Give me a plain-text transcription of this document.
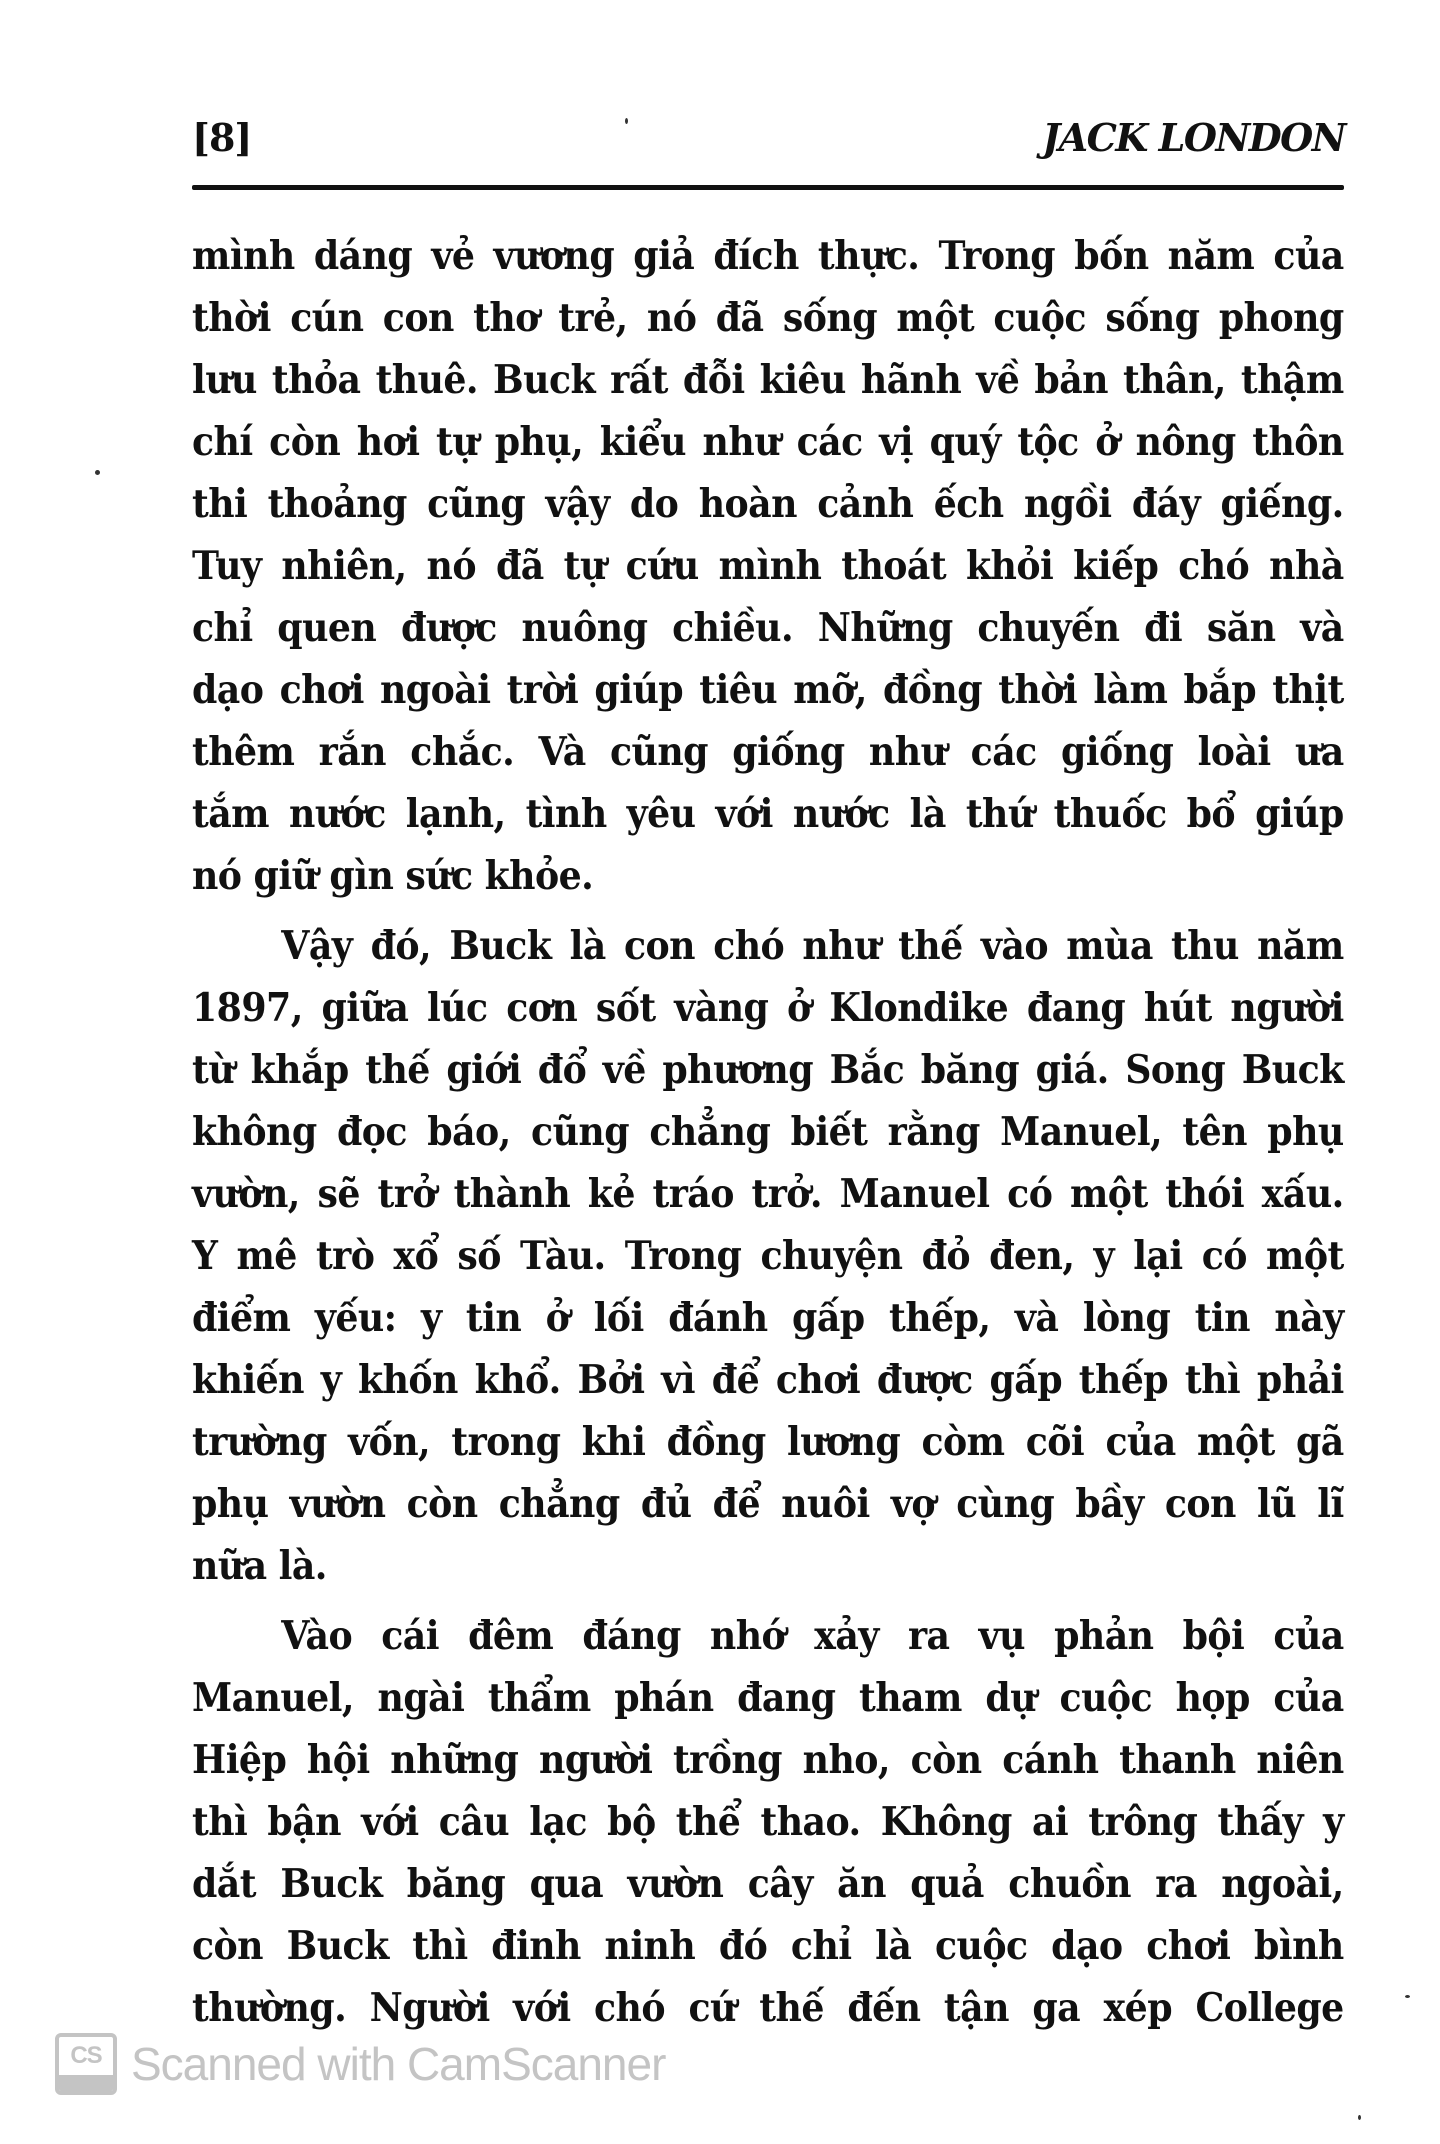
[8]	JACK LONDON
mình dáng vẻ vương giả đích thực. Trong bốn năm của
thời cún con thơ trẻ, nó đã sống một cuộc sống phong
lưu thỏa thuê. Buck rất đỗi kiêu hãnh về bản thân, thậm
chí còn hơi tự phụ, kiểu như các vị quý tộc ở nông thôn
thi thoảng cũng vậy do hoàn cảnh ếch ngồi đáy giếng.
Tuy nhiên, nó đã tự cứu mình thoát khỏi kiếp chó nhà
chỉ quen được nuông chiều. Những chuyến đi săn và
dạo chơi ngoài trời giúp tiêu mỡ, đồng thời làm bắp thịt
thêm rắn chắc. Và cũng giống như các giống loài ưa
tắm nước lạnh, tình yêu với nước là thứ thuốc bổ giúp
nó giữ gìn sức khỏe.
Vậy đó, Buck là con chó như thế vào mùa thu năm
1897, giữa lúc cơn sốt vàng ở Klondike đang hút người
từ khắp thế giới đổ về phương Bắc băng giá. Song Buck
không đọc báo, cũng chẳng biết rằng Manuel, tên phụ
vườn, sẽ trở thành kẻ tráo trở. Manuel có một thói xấu.
Y mê trò xổ số Tàu. Trong chuyện đỏ đen, y lại có một
điểm yếu: y tin ở lối đánh gấp thếp, và lòng tin này
khiến y khốn khổ. Bởi vì để chơi được gấp thếp thì phải
trường vốn, trong khi đồng lương còm cõi của một gã
phụ vườn còn chẳng đủ để nuôi vợ cùng bầy con lũ lĩ
nữa là.
Vào cái đêm đáng nhớ xảy ra vụ phản bội của
Manuel, ngài thẩm phán đang tham dự cuộc họp của
Hiệp hội những người trồng nho, còn cánh thanh niên
thì bận với câu lạc bộ thể thao. Không ai trông thấy y
dắt Buck băng qua vườn cây ăn quả chuồn ra ngoài,
còn Buck thì đinh ninh đó chỉ là cuộc dạo chơi bình
thường. Người với chó cứ thế đến tận ga xép College
CS Scanned with CamScanner
